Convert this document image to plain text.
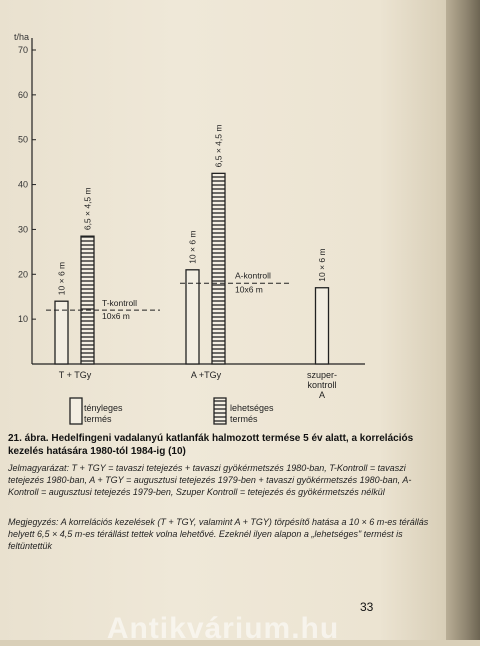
t/ha
10
20
30
40
50
60
70
10 × 6 m
6,5 × 4,5 m
T + TGy
10 × 6 m
6,5 × 4,5 m
A +TGy
10 × 6 m
szuper-
kontroll
A
T-kontroll
10x6 m
A-kontroll
10x6 m
tényleges
termés
lehetséges
termés
21. ábra. Hedelfingeni vadalanyú katlanfák halmozott termése 5 év alatt, a korrelációs kezelés hatására 1980-tól 1984-ig (10)
Jelmagyarázat: T + TGY = tavaszi tetejezés + tavaszi gyökérmetszés 1980-ban, T-Kontroll = tavaszi tetejezés 1980-ban, A + TGY = augusztusi tetejezés 1979-ben + tavaszi gyökérmetszés 1980-ban, A-Kontroll = augusztusi tetejezés 1979-ben, Szuper Kontroll = tetejezés és gyökérmetszés nélkül
Megjegyzés: A korrelációs kezelések (T + TGY, valamint A + TGY) törpésítő hatása a 10 × 6 m-es térállás helyett 6,5 × 4,5 m-es térállást tettek volna lehetővé. Ezeknél ilyen alapon a „lehetséges" termést is feltüntettük
33
Antikvárium.hu
